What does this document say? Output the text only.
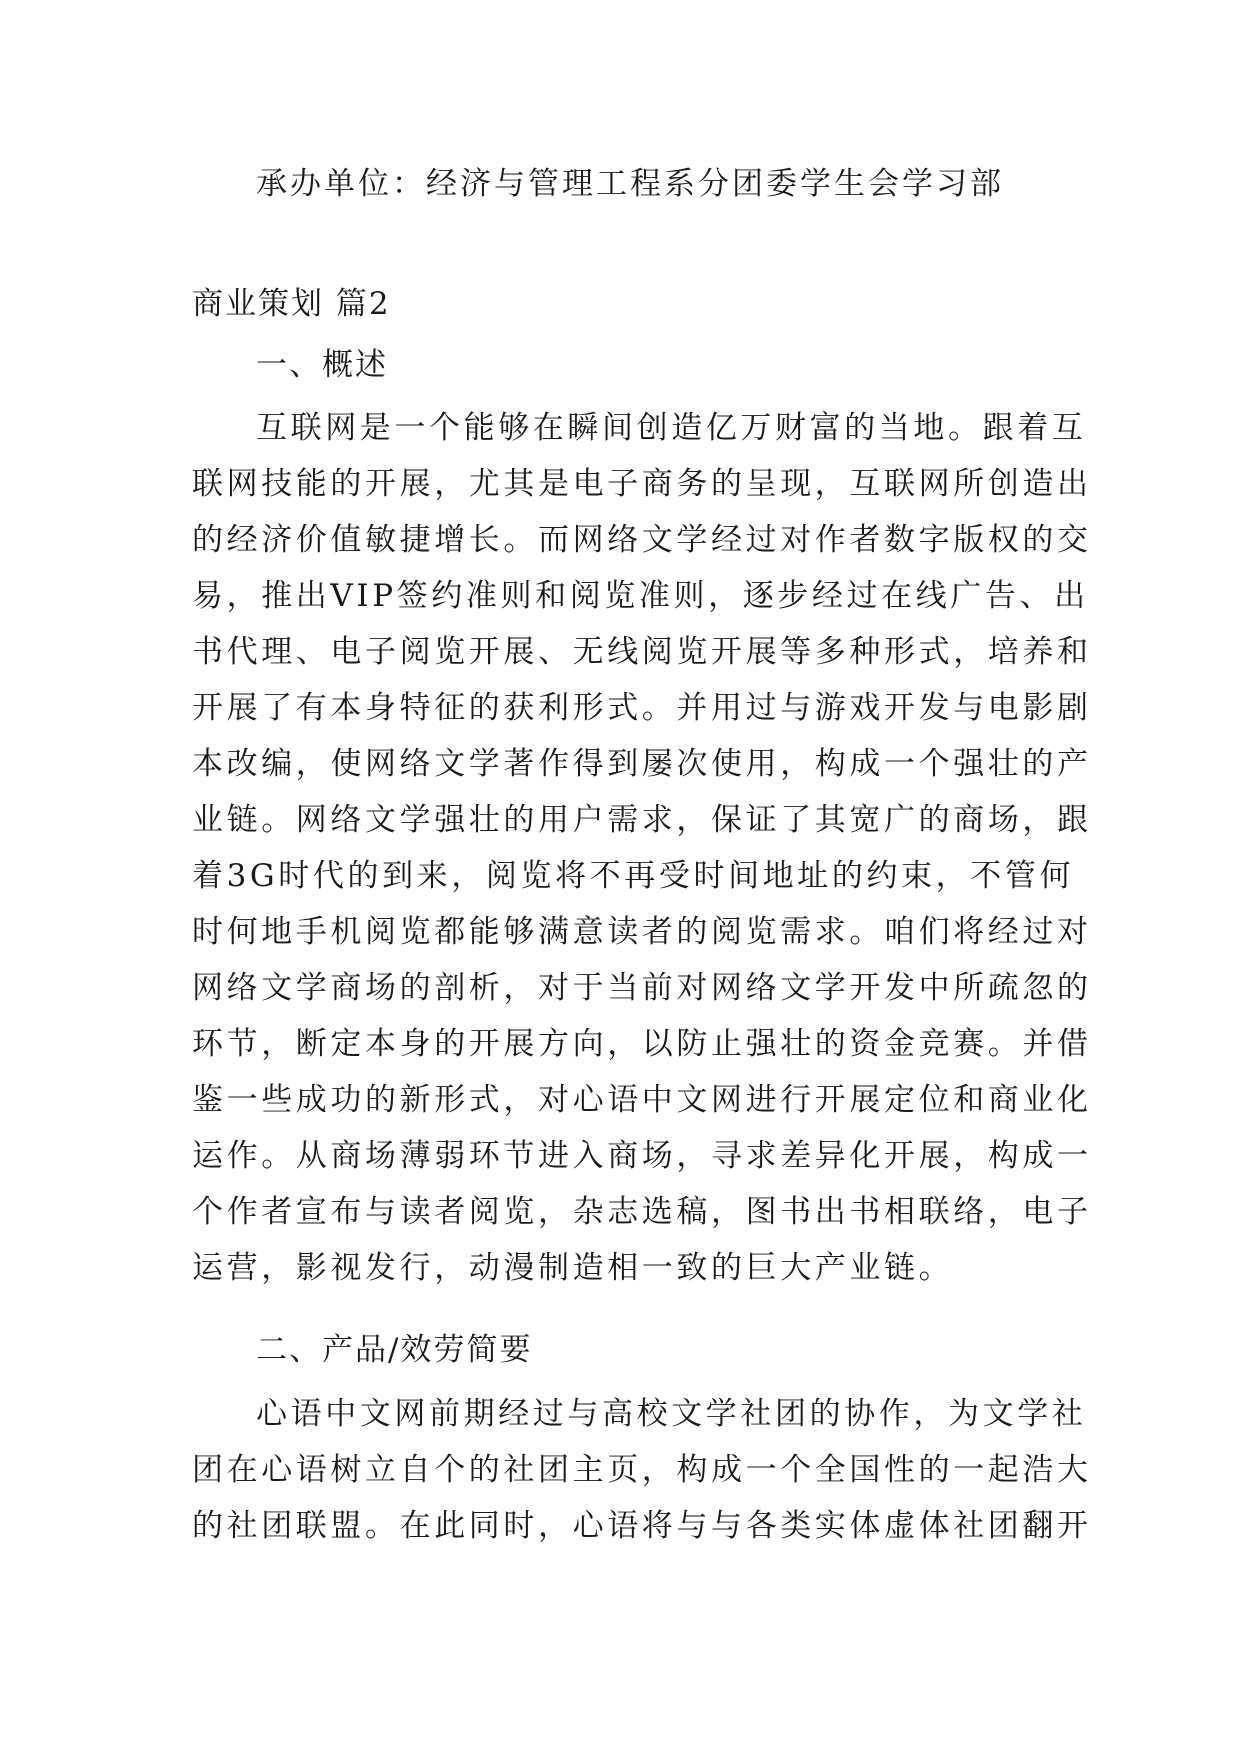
承办单位：经济与管理工程系分团委学生会学习部
商业策划 篇2
一、概述
互联网是一个能够在瞬间创造亿万财富的当地。跟着互
联网技能的开展，尤其是电子商务的呈现，互联网所创造出
的经济价值敏捷增长。而网络文学经过对作者数字版权的交
易，推出VIP签约准则和阅览准则，逐步经过在线广告、出
书代理、电子阅览开展、无线阅览开展等多种形式，培养和
开展了有本身特征的获利形式。并用过与游戏开发与电影剧
本改编，使网络文学著作得到屡次使用，构成一个强壮的产
业链。网络文学强壮的用户需求，保证了其宽广的商场，跟
着3G时代的到来，阅览将不再受时间地址的约束，不管何
时何地手机阅览都能够满意读者的阅览需求。咱们将经过对
网络文学商场的剖析，对于当前对网络文学开发中所疏忽的
环节，断定本身的开展方向，以防止强壮的资金竞赛。并借
鉴一些成功的新形式，对心语中文网进行开展定位和商业化
运作。从商场薄弱环节进入商场，寻求差异化开展，构成一
个作者宣布与读者阅览，杂志选稿，图书出书相联络，电子
运营，影视发行，动漫制造相一致的巨大产业链。
二、产品/效劳简要
心语中文网前期经过与高校文学社团的协作，为文学社
团在心语树立自个的社团主页，构成一个全国性的一起浩大
的社团联盟。在此同时，心语将与与各类实体虚体社团翻开
